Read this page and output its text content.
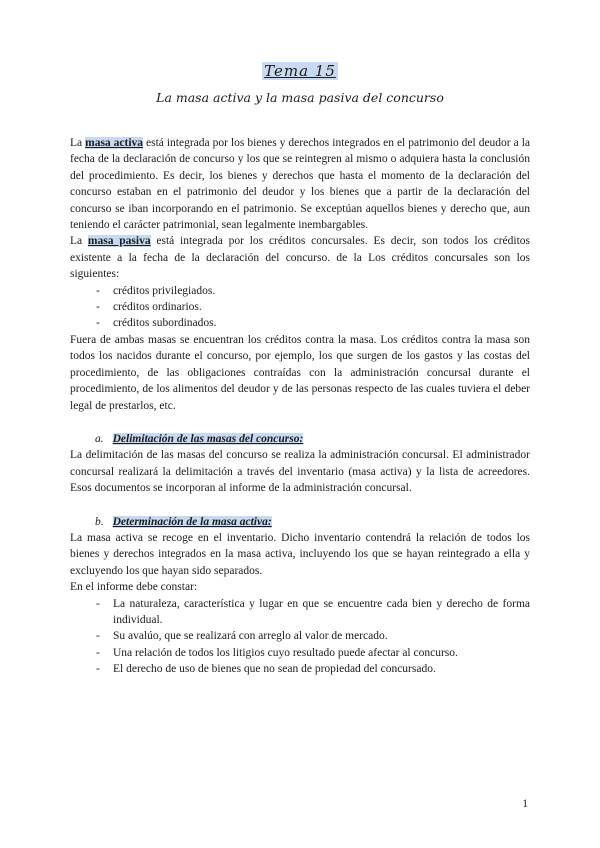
Tema 15
La masa activa y la masa pasiva del concurso

La masa activa está integrada por los bienes y derechos integrados en el patrimonio del deudor a la fecha de la declaración de concurso y los que se reintegren al mismo o adquiera hasta la conclusión del procedimiento. Es decir, los bienes y derechos que hasta el momento de la declaración del concurso estaban en el patrimonio del deudor y los bienes que a partir de la declaración del concurso se iban incorporando en el patrimonio. Se exceptúan aquellos bienes y derecho que, aun teniendo el carácter patrimonial, sean legalmente inembargables.

La masa pasiva está integrada por los créditos concursales. Es decir, son todos los créditos existente a la fecha de la declaración del concurso. de la Los créditos concursales son los siguientes:

-	créditos privilegiados.
-	créditos ordinarios.
-	créditos subordinados.

Fuera de ambas masas se encuentran los créditos contra la masa. Los créditos contra la masa son todos los nacidos durante el concurso, por ejemplo, los que surgen de los gastos y las costas del procedimiento, de las obligaciones contraídas con la administración concursal durante el procedimiento, de los alimentos del deudor y de las personas respecto de las cuales tuviera el deber legal de prestarlos, etc.

a. Delimitación de las masas del concurso:

La delimitación de las masas del concurso se realiza la administración concursal. El administrador concursal realizará la delimitación a través del inventario (masa activa) y la lista de acreedores. Esos documentos se incorporan al informe de la administración concursal.

b. Determinación de la masa activa:

La masa activa se recoge en el inventario. Dicho inventario contendrá la relación de todos los bienes y derechos integrados en la masa activa, incluyendo los que se hayan reintegrado a ella y excluyendo los que hayan sido separados.

En el informe debe constar:

-	La naturaleza, característica y lugar en que se encuentre cada bien y derecho de forma individual.
-	Su avalúo, que se realizará con arreglo al valor de mercado.
-	Una relación de todos los litigios cuyo resultado puede afectar al concurso.
-	El derecho de uso de bienes que no sean de propiedad del concursado.
1
